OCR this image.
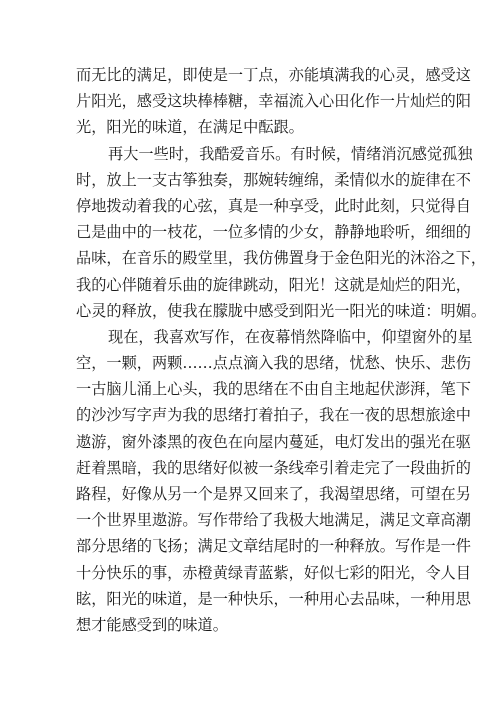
而无比的满足，即使是一丁点，亦能填满我的心灵，感受这
片阳光，感受这块棒棒糖，幸福流入心田化作一片灿烂的阳
光，阳光的味道，在满足中酝跟。
再大一些时，我酷爱音乐。有时候，情绪消沉感觉孤独
时，放上一支古筝独奏，那婉转缠绵，柔情似水的旋律在不
停地拨动着我的心弦，真是一种享受，此时此刻，只觉得自
己是曲中的一枝花，一位多情的少女，静静地聆听，细细的
品味，在音乐的殿堂里，我仿佛置身于金色阳光的沐浴之下，
我的心伴随着乐曲的旋律跳动，阳光！这就是灿烂的阳光，
心灵的释放，使我在朦胧中感受到阳光一阳光的味道：明媚。
现在，我喜欢写作，在夜幕悄然降临中，仰望窗外的星
空，一颗，两颗……点点滴入我的思绪，忧愁、快乐、悲伤
一古脑儿涌上心头，我的思绪在不由自主地起伏澎湃，笔下
的沙沙写字声为我的思绪打着拍子，我在一夜的思想旅途中
遨游，窗外漆黑的夜色在向屋内蔓延，电灯发出的强光在驱
赶着黑暗，我的思绪好似被一条线牵引着走完了一段曲折的
路程，好像从另一个是界又回来了，我渴望思绪，可望在另
一个世界里遨游。写作带给了我极大地满足，满足文章高潮
部分思绪的飞扬；满足文章结尾时的一种释放。写作是一件
十分快乐的事，赤橙黄绿青蓝紫，好似七彩的阳光，令人目
眩，阳光的味道，是一种快乐，一种用心去品味，一种用思
想才能感受到的味道。
